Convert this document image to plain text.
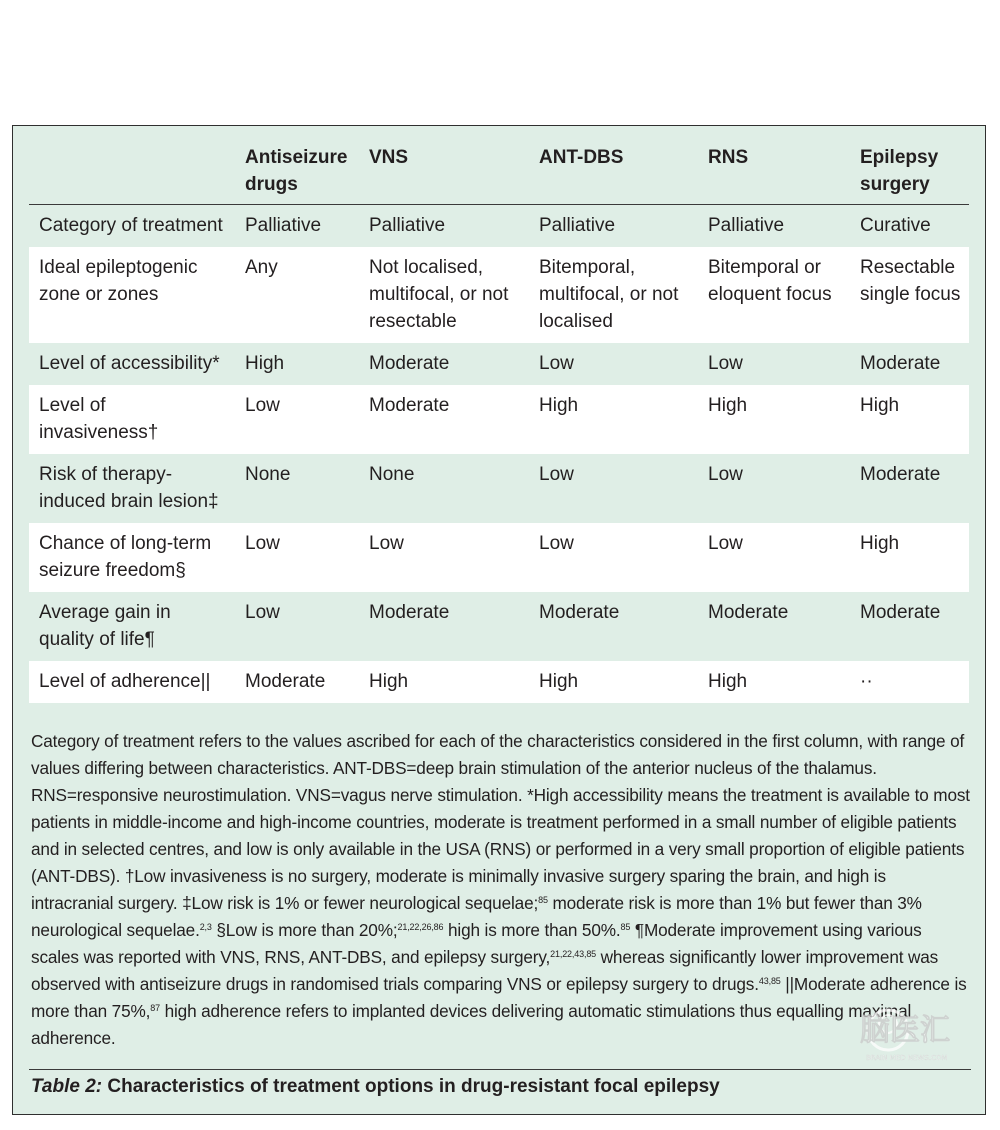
	Antiseizure drugs	VNS	ANT-DBS	RNS	Epilepsy surgery
Category of treatment	Palliative	Palliative	Palliative	Palliative	Curative
Ideal epileptogenic zone or zones	Any	Not localised, multifocal, or not resectable	Bitemporal, multifocal, or not localised	Bitemporal or eloquent focus	Resectable single focus
Level of accessibility*	High	Moderate	Low	Low	Moderate
Level of invasiveness†	Low	Moderate	High	High	High
Risk of therapy-induced brain lesion‡	None	None	Low	Low	Moderate
Chance of long-term seizure freedom§	Low	Low	Low	Low	High
Average gain in quality of life¶	Low	Moderate	Moderate	Moderate	Moderate
Level of adherence||	Moderate	High	High	High	··

Category of treatment refers to the values ascribed for each of the characteristics considered in the first column, with range of values differing between characteristics. ANT-DBS=deep brain stimulation of the anterior nucleus of the thalamus. RNS=responsive neurostimulation. VNS=vagus nerve stimulation. *High accessibility means the treatment is available to most patients in middle-income and high-income countries, moderate is treatment performed in a small number of eligible patients and in selected centres, and low is only available in the USA (RNS) or performed in a very small proportion of eligible patients (ANT-DBS). †Low invasiveness is no surgery, moderate is minimally invasive surgery sparing the brain, and high is intracranial surgery. ‡Low risk is 1% or fewer neurological sequelae;$^{85}$ moderate risk is more than 1% but fewer than 3% neurological sequelae.$^{2,3}$ §Low is more than 20%;$^{21,22,26,86}$ high is more than 50%.$^{85}$ ¶Moderate improvement using various scales was reported with VNS, RNS, ANT-DBS, and epilepsy surgery,$^{21,22,43,85}$ whereas significantly lower improvement was observed with antiseizure drugs in randomised trials comparing VNS or epilepsy surgery to drugs.$^{43,85}$ ||Moderate adherence is more than 75%,$^{87}$ high adherence refers to implanted devices delivering automatic stimulations thus equalling maximal adherence.

Table 2: Characteristics of treatment options in drug-resistant focal epilepsy
脑医汇
BRAIN MED NEWS.COM
